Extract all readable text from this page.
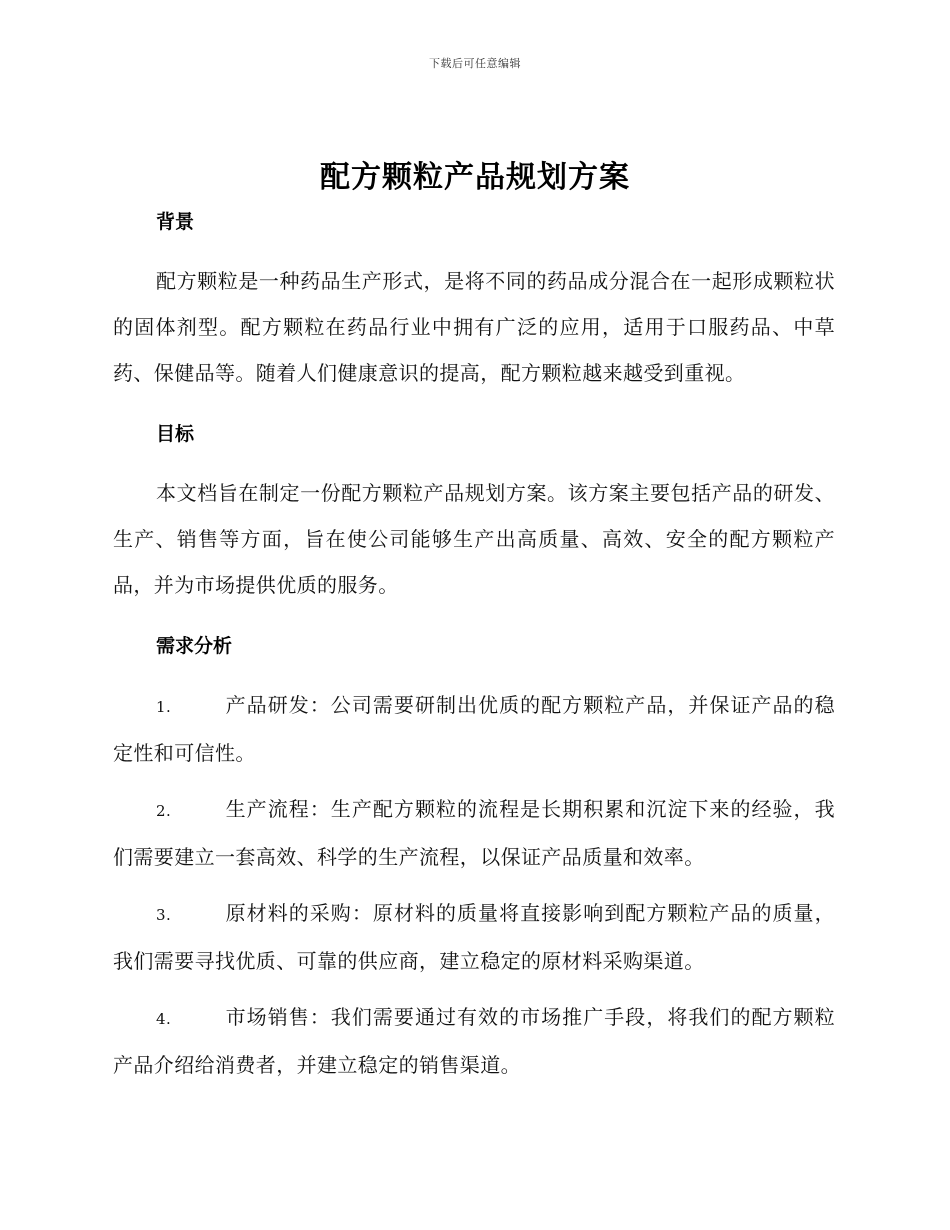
下载后可任意编辑
配方颗粒产品规划方案
背景

配方颗粒是一种药品生产形式，是将不同的药品成分混合在一起形成颗粒状的固体剂型。配方颗粒在药品行业中拥有广泛的应用，适用于口服药品、中草药、保健品等。随着人们健康意识的提高，配方颗粒越来越受到重视。

目标

本文档旨在制定一份配方颗粒产品规划方案。该方案主要包括产品的研发、生产、销售等方面，旨在使公司能够生产出高质量、高效、安全的配方颗粒产品，并为市场提供优质的服务。

需求分析

1.	产品研发：公司需要研制出优质的配方颗粒产品，并保证产品的稳定性和可信性。

2.	生产流程：生产配方颗粒的流程是长期积累和沉淀下来的经验，我们需要建立一套高效、科学的生产流程，以保证产品质量和效率。

3.	原材料的采购：原材料的质量将直接影响到配方颗粒产品的质量，我们需要寻找优质、可靠的供应商，建立稳定的原材料采购渠道。

4.	市场销售：我们需要通过有效的市场推广手段，将我们的配方颗粒产品介绍给消费者，并建立稳定的销售渠道。
